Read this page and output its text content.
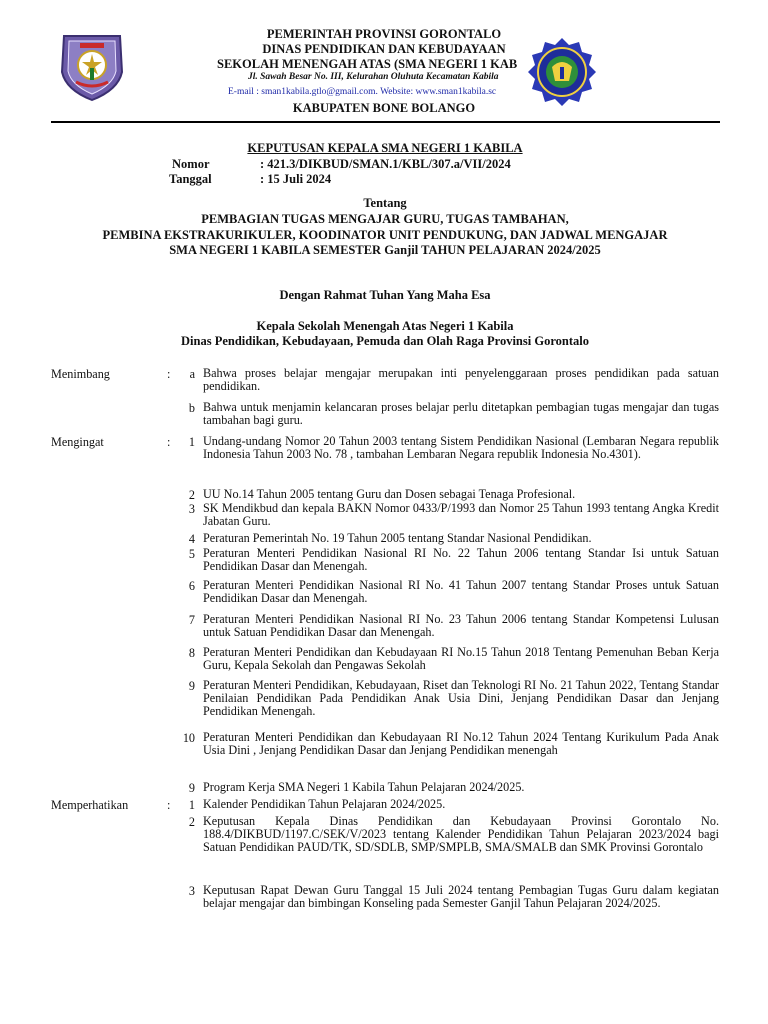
PEMERINTAH PROVINSI GORONTALO
DINAS PENDIDIKAN DAN KEBUDAYAAN
SEKOLAH MENENGAH ATAS (SMA NEGERI 1 KAB
Jl. Sawah Besar No. III, Kelurahan Oluhuta Kecamatan Kabila
E-mail : sman1kabila.gtlo@gmail.com. Website: www.sman1kabila.sc
KABUPATEN BONE BOLANGO
KEPUTUSAN KEPALA SMA NEGERI 1 KABILA
Nomor	: 421.3/DIKBUD/SMAN.1/KBL/307.a/VII/2024
Tanggal	: 15 Juli 2024
Tentang
PEMBAGIAN TUGAS MENGAJAR GURU, TUGAS TAMBAHAN,
PEMBINA EKSTRAKURIKULER, KOODINATOR UNIT PENDUKUNG, DAN JADWAL MENGAJAR
SMA NEGERI 1 KABILA SEMESTER Ganjil TAHUN PELAJARAN 2024/2025
Dengan Rahmat Tuhan Yang Maha Esa
Kepala Sekolah Menengah Atas Negeri 1 Kabila
Dinas Pendidikan, Kebudayaan, Pemuda dan Olah Raga Provinsi Gorontalo
Menimbang	:	a Bahwa proses belajar mengajar merupakan inti penyelenggaraan proses pendidikan pada satuan pendidikan.
b Bahwa untuk menjamin kelancaran proses belajar perlu ditetapkan pembagian tugas mengajar dan tugas tambahan bagi guru.
Mengingat	:	1 Undang-undang Nomor 20 Tahun 2003 tentang Sistem Pendidikan Nasional (Lembaran Negara republik Indonesia Tahun 2003 No. 78 , tambahan Lembaran Negara republik Indonesia No.4301).
2 UU No.14 Tahun 2005 tentang Guru dan Dosen sebagai Tenaga Profesional.
3 SK Mendikbud dan kepala BAKN Nomor 0433/P/1993 dan Nomor 25 Tahun 1993 tentang Angka Kredit Jabatan Guru.
4 Peraturan Pemerintah No. 19 Tahun 2005 tentang Standar Nasional Pendidikan.
5 Peraturan Menteri Pendidikan Nasional RI No. 22 Tahun 2006 tentang Standar Isi untuk Satuan Pendidikan Dasar dan Menengah.
6 Peraturan Menteri Pendidikan Nasional RI No. 41 Tahun 2007 tentang Standar Proses untuk Satuan Pendidikan Dasar dan Menengah.
7 Peraturan Menteri Pendidikan Nasional RI No. 23 Tahun 2006 tentang Standar Kompetensi Lulusan untuk Satuan Pendidikan Dasar dan Menengah.
8 Peraturan Menteri Pendidikan dan Kebudayaan RI No.15 Tahun 2018 Tentang Pemenuhan Beban Kerja Guru, Kepala Sekolah dan Pengawas Sekolah
9 Peraturan Menteri Pendidikan, Kebudayaan, Riset dan Teknologi RI No. 21 Tahun 2022, Tentang Standar Penilaian Pendidikan Pada Pendidikan Anak Usia Dini, Jenjang Pendidikan Dasar dan Jenjang Pendidikan Menengah.
10 Peraturan Menteri Pendidikan dan Kebudayaan RI No.12 Tahun 2024 Tentang Kurikulum Pada Anak Usia Dini , Jenjang Pendidikan Dasar dan Jenjang Pendidikan menengah
9 Program Kerja SMA Negeri 1 Kabila Tahun Pelajaran 2024/2025.
Memperhatikan	:	1 Kalender Pendidikan Tahun Pelajaran 2024/2025.
2 Keputusan Kepala Dinas Pendidikan dan Kebudayaan Provinsi Gorontalo No. 188.4/DIKBUD/1197.C/SEK/V/2023 tentang Kalender Pendidikan Tahun Pelajaran 2023/2024 bagi Satuan Pendidikan PAUD/TK, SD/SDLB, SMP/SMPLB, SMA/SMALB dan SMK Provinsi Gorontalo
3 Keputusan Rapat Dewan Guru Tanggal 15 Juli 2024 tentang Pembagian Tugas Guru dalam kegiatan belajar mengajar dan bimbingan Konseling pada Semester Ganjil Tahun Pelajaran 2024/2025.
